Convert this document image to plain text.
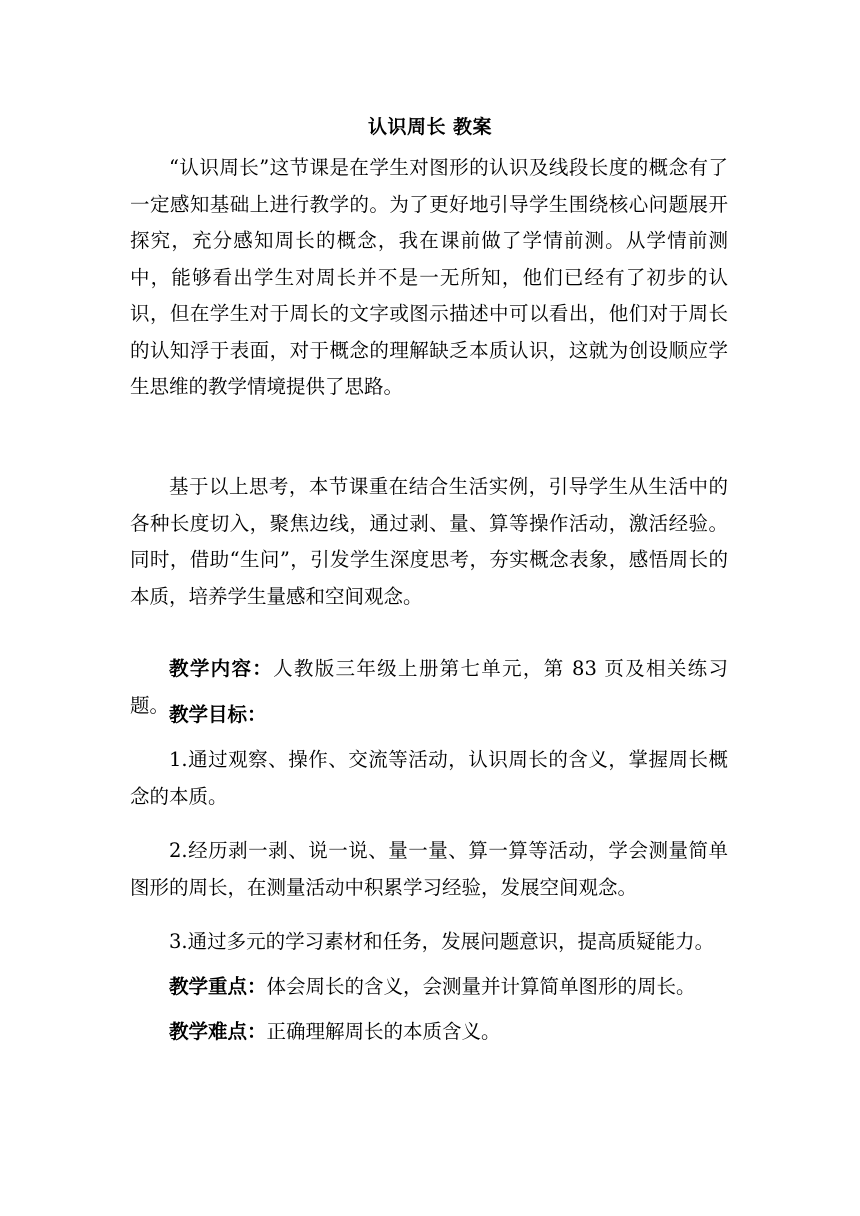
认识周长 教案

“认识周长”这节课是在学生对图形的认识及线段长度的概念有了一定感知基础上进行教学的。为了更好地引导学生围绕核心问题展开探究，充分感知周长的概念，我在课前做了学情前测。从学情前测中，能够看出学生对周长并不是一无所知，他们已经有了初步的认识，但在学生对于周长的文字或图示描述中可以看出，他们对于周长的认知浮于表面，对于概念的理解缺乏本质认识，这就为创设顺应学生思维的教学情境提供了思路。

基于以上思考，本节课重在结合生活实例，引导学生从生活中的各种长度切入，聚焦边线，通过剥、量、算等操作活动，激活经验。同时，借助“生问”，引发学生深度思考，夯实概念表象，感悟周长的本质，培养学生量感和空间观念。

教学内容：人教版三年级上册第七单元，第 83 页及相关练习题。 教学目标：

1.通过观察、操作、交流等活动，认识周长的含义，掌握周长概念的本质。

2.经历剥一剥、说一说、量一量、算一算等活动，学会测量简单图形的周长，在测量活动中积累学习经验，发展空间观念。

3.通过多元的学习素材和任务，发展问题意识，提高质疑能力。

教学重点：体会周长的含义，会测量并计算简单图形的周长。

教学难点：正确理解周长的本质含义。
